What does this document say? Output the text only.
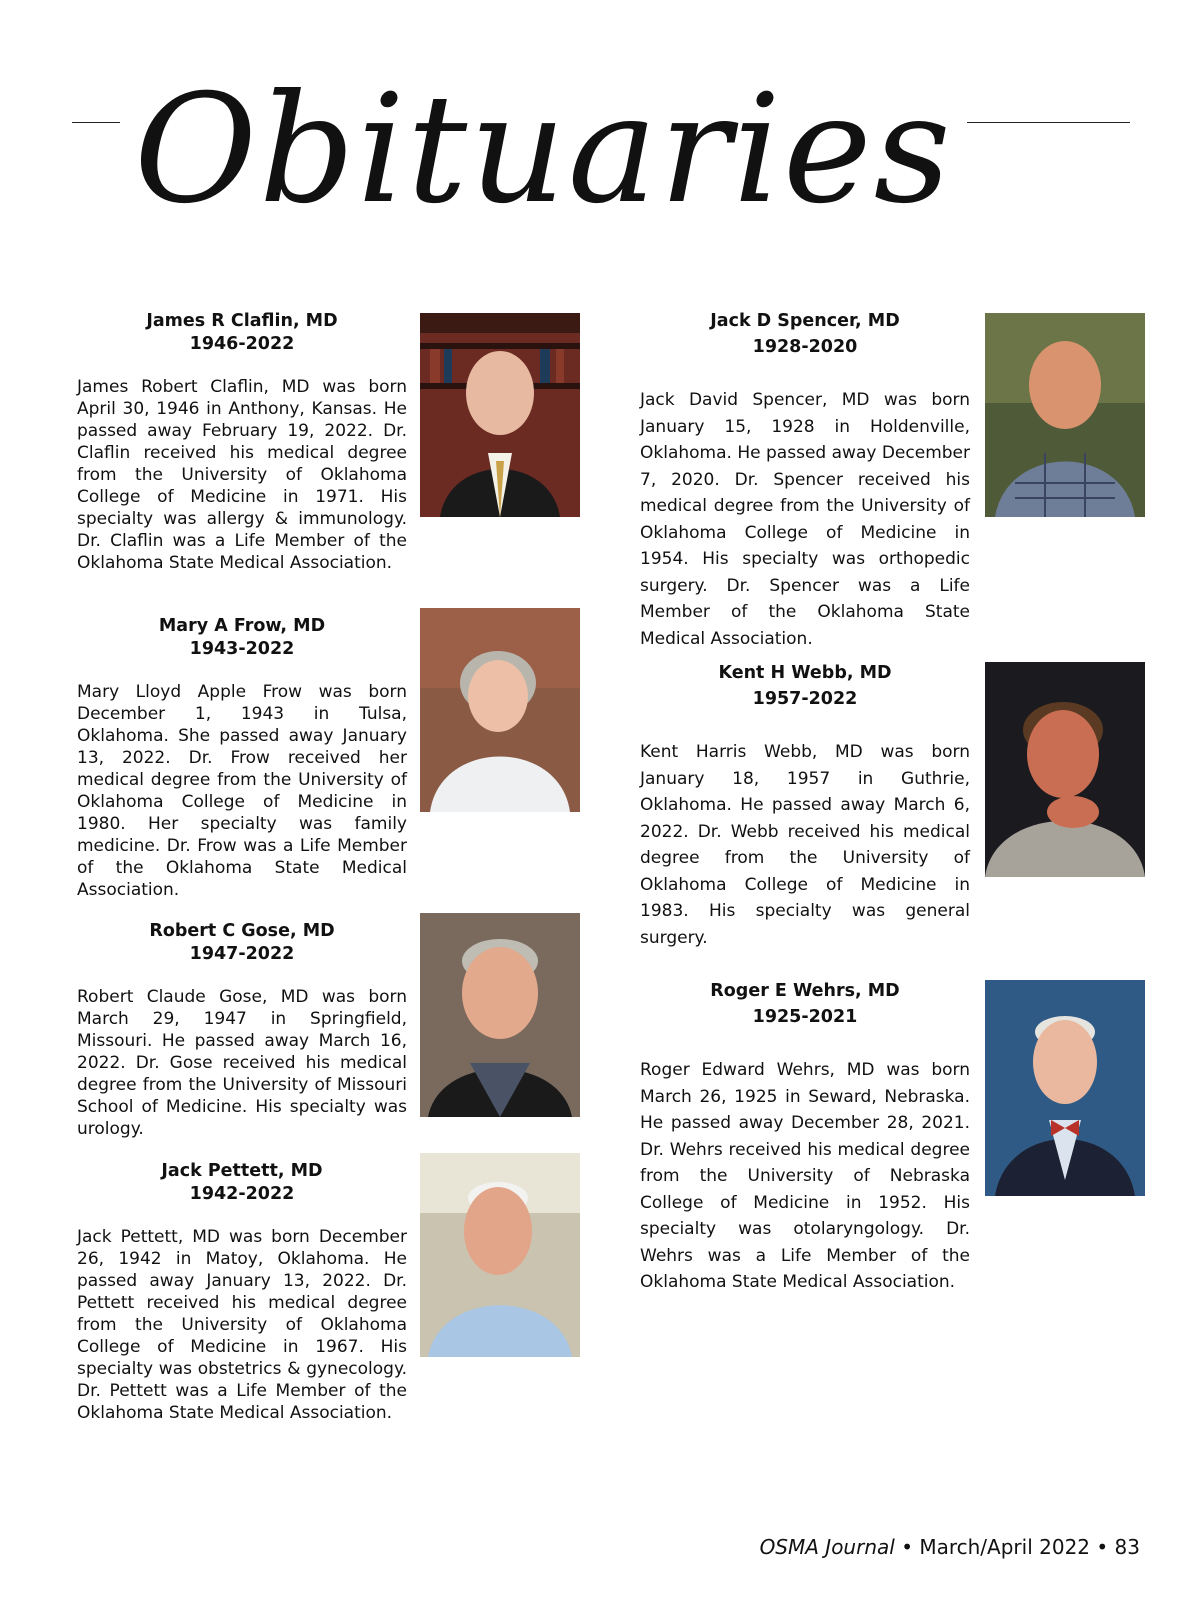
Obituaries
James R Claflin, MD
1946-2022
James Robert Claflin, MD was born April 30, 1946 in Anthony, Kansas. He passed away February 19, 2022. Dr. Claflin received his medical degree from the University of Oklahoma College of Medicine in 1971. His specialty was allergy & immunology. Dr. Claflin was a Life Member of the Oklahoma State Medical Association.
Mary A Frow, MD
1943-2022
Mary Lloyd Apple Frow was born December 1, 1943 in Tulsa, Oklahoma. She passed away January 13, 2022. Dr. Frow received her medical degree from the University of Oklahoma College of Medicine in 1980. Her specialty was family medicine. Dr. Frow was a Life Member of the Oklahoma State Medical Association.
Robert C Gose, MD
1947-2022
Robert Claude Gose, MD was born March 29, 1947 in Springfield, Missouri. He passed away March 16, 2022. Dr. Gose received his medical degree from the University of Missouri School of Medicine. His specialty was urology.
Jack Pettett, MD
1942-2022
Jack Pettett, MD was born December 26, 1942 in Matoy, Oklahoma. He passed away January 13, 2022. Dr. Pettett received his medical degree from the University of Oklahoma College of Medicine in 1967. His specialty was obstetrics & gynecology. Dr. Pettett was a Life Member of the Oklahoma State Medical Association.
Jack D Spencer, MD
1928-2020
Jack David Spencer, MD was born January 15, 1928 in Holdenville, Oklahoma. He passed away December 7, 2020. Dr. Spencer received his medical degree from the University of Oklahoma College of Medicine in 1954. His specialty was orthopedic surgery. Dr. Spencer was a Life Member of the Oklahoma State Medical Association.
Kent H Webb, MD
1957-2022
Kent Harris Webb, MD was born January 18, 1957 in Guthrie, Oklahoma. He passed away March 6, 2022. Dr. Webb received his medical degree from the University of Oklahoma College of Medicine in 1983. His specialty was general surgery.
Roger E Wehrs, MD
1925-2021
Roger Edward Wehrs, MD was born March 26, 1925 in Seward, Nebraska. He passed away December 28, 2021. Dr. Wehrs received his medical degree from the University of Nebraska College of Medicine in 1952. His specialty was otolaryngology. Dr. Wehrs was a Life Member of the Oklahoma State Medical Association.
OSMA Journal • March/April 2022 • 83
